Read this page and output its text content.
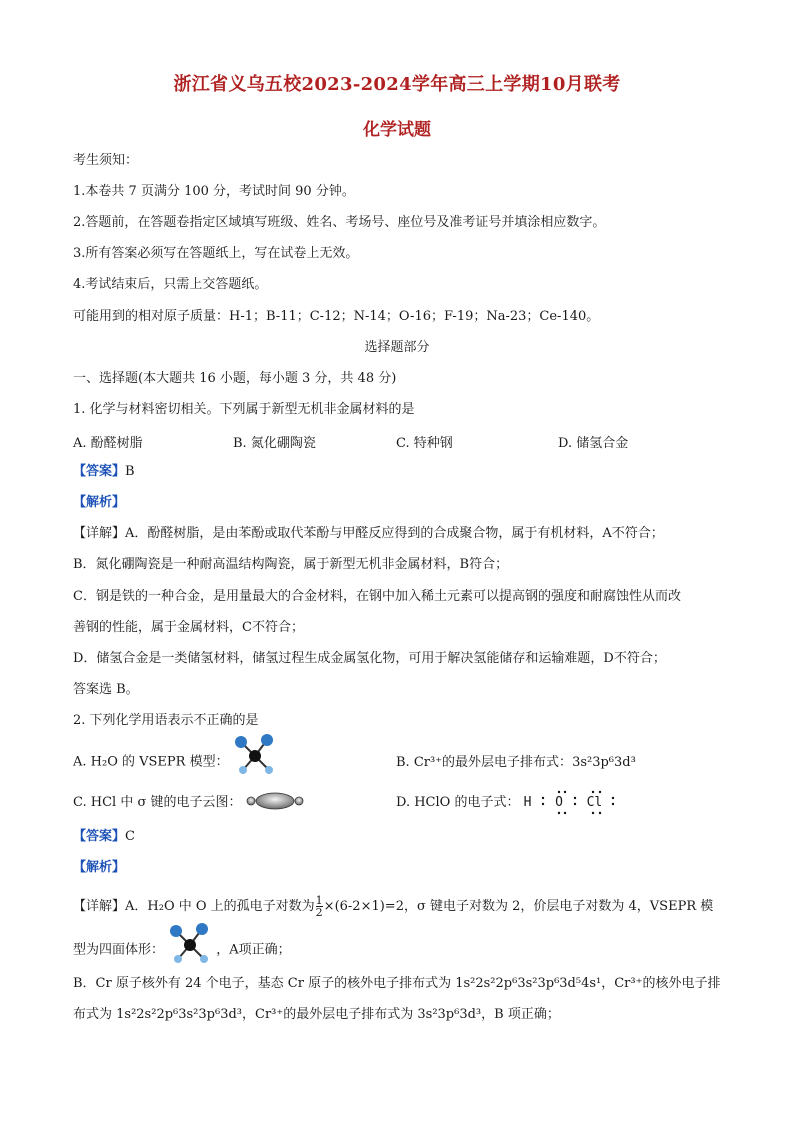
浙江省义乌五校2023-2024学年高三上学期10月联考
化学试题
考生须知：
1.本卷共 7 页满分 100 分，考试时间 90 分钟。
2.答题前，在答题卷指定区域填写班级、姓名、考场号、座位号及准考证号并填涂相应数字。
3.所有答案必须写在答题纸上，写在试卷上无效。
4.考试结束后，只需上交答题纸。
可能用到的相对原子质量：H-1；B-11；C-12；N-14；O-16；F-19；Na-23；Ce-140。
选择题部分
一、选择题(本大题共 16 小题，每小题 3 分，共 48 分)
1. 化学与材料密切相关。下列属于新型无机非金属材料的是
A. 酚醛树脂	B. 氮化硼陶瓷	C. 特种钢	D. 储氢合金
【答案】B
【解析】
【详解】A．酚醛树脂，是由苯酚或取代苯酚与甲醛反应得到的合成聚合物，属于有机材料，A不符合；
B．氮化硼陶瓷是一种耐高温结构陶瓷，属于新型无机非金属材料，B符合；
C．钢是铁的一种合金，是用量最大的合金材料，在钢中加入稀土元素可以提高钢的强度和耐腐蚀性从而改
善钢的性能，属于金属材料，C不符合；
D．储氢合金是一类储氢材料，储氢过程生成金属氢化物，可用于解决氢能储存和运输难题，D不符合；
答案选 B。
2. 下列化学用语表示不正确的是
A. H₂O 的 VSEPR 模型：	B. Cr³⁺的最外层电子排布式：3s²3p⁶3d³
C. HCl 中 σ 键的电子云图：	D. HClO 的电子式： H O
Cl

【答案】C
【解析】
【详解】A．H₂O 中 O 上的孤电子对数为 $\frac{1}{2} \times(6-2\times 1)=2$，σ 键电子对数为 2，价层电子对数为 4，VSEPR 模
型为四面体形：	，A项正确；
B．Cr 原子核外有 24 个电子，基态 Cr 原子的核外电子排布式为 1s²2s²2p⁶3s²3p⁶3d⁵4s¹，Cr³⁺的核外电子排
布式为 1s²2s²2p⁶3s²3p⁶3d³，Cr³⁺的最外层电子排布式为 3s²3p⁶3d³，B 项正确；
